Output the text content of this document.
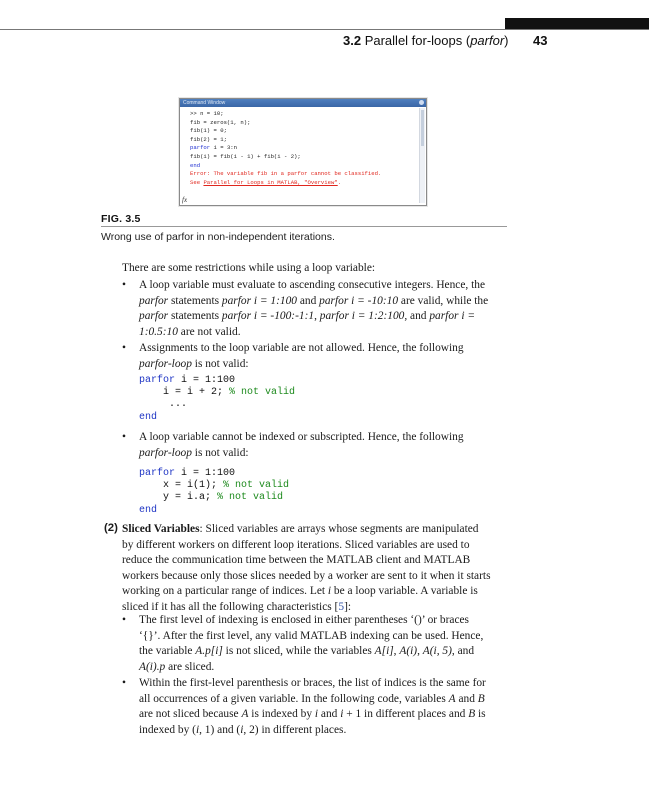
3.2 Parallel for-loops (parfor) 43
Command Window
>> n = 10;
fib = zeros(1, n);
fib(1) = 0;
fib(2) = 1;
parfor i = 3:n
fib(i) = fib(i - 1) + fib(i - 2);
end
Error: The variable fib in a parfor cannot be classified.
See Parallel for Loops in MATLAB, "Overview".
fx
FIG. 3.5
Wrong use of parfor in non-independent iterations.
There are some restrictions while using a loop variable:
• A loop variable must evaluate to ascending consecutive integers. Hence, the
parfor statements parfor i = 1:100 and parfor i = -10:10 are valid, while the
parfor statements parfor i = -100:-1:1, parfor i = 1:2:100, and parfor i =
1:0.5:10 are not valid.
• Assignments to the loop variable are not allowed. Hence, the following
parfor-loop is not valid:
parfor i = 1:100
i = i + 2; % not valid
...
end
• A loop variable cannot be indexed or subscripted. Hence, the following
parfor-loop is not valid:
parfor i = 1:100
x = i(1); % not valid
y = i.a; % not valid
end
(2) Sliced Variables: Sliced variables are arrays whose segments are manipulated
by different workers on different loop iterations. Sliced variables are used to
reduce the communication time between the MATLAB client and MATLAB
workers because only those slices needed by a worker are sent to it when it starts
working on a particular range of indices. Let i be a loop variable. A variable is
sliced if it has all the following characteristics [5]:
• The first level of indexing is enclosed in either parentheses ‘()’ or braces
‘{}’. After the first level, any valid MATLAB indexing can be used. Hence,
the variable A.p[i] is not sliced, while the variables A[i], A(i), A(i, 5), and
A(i).p are sliced.
• Within the first-level parenthesis or braces, the list of indices is the same for
all occurrences of a given variable. In the following code, variables A and B
are not sliced because A is indexed by i and i + 1 in different places and B is
indexed by (i, 1) and (i, 2) in different places.
